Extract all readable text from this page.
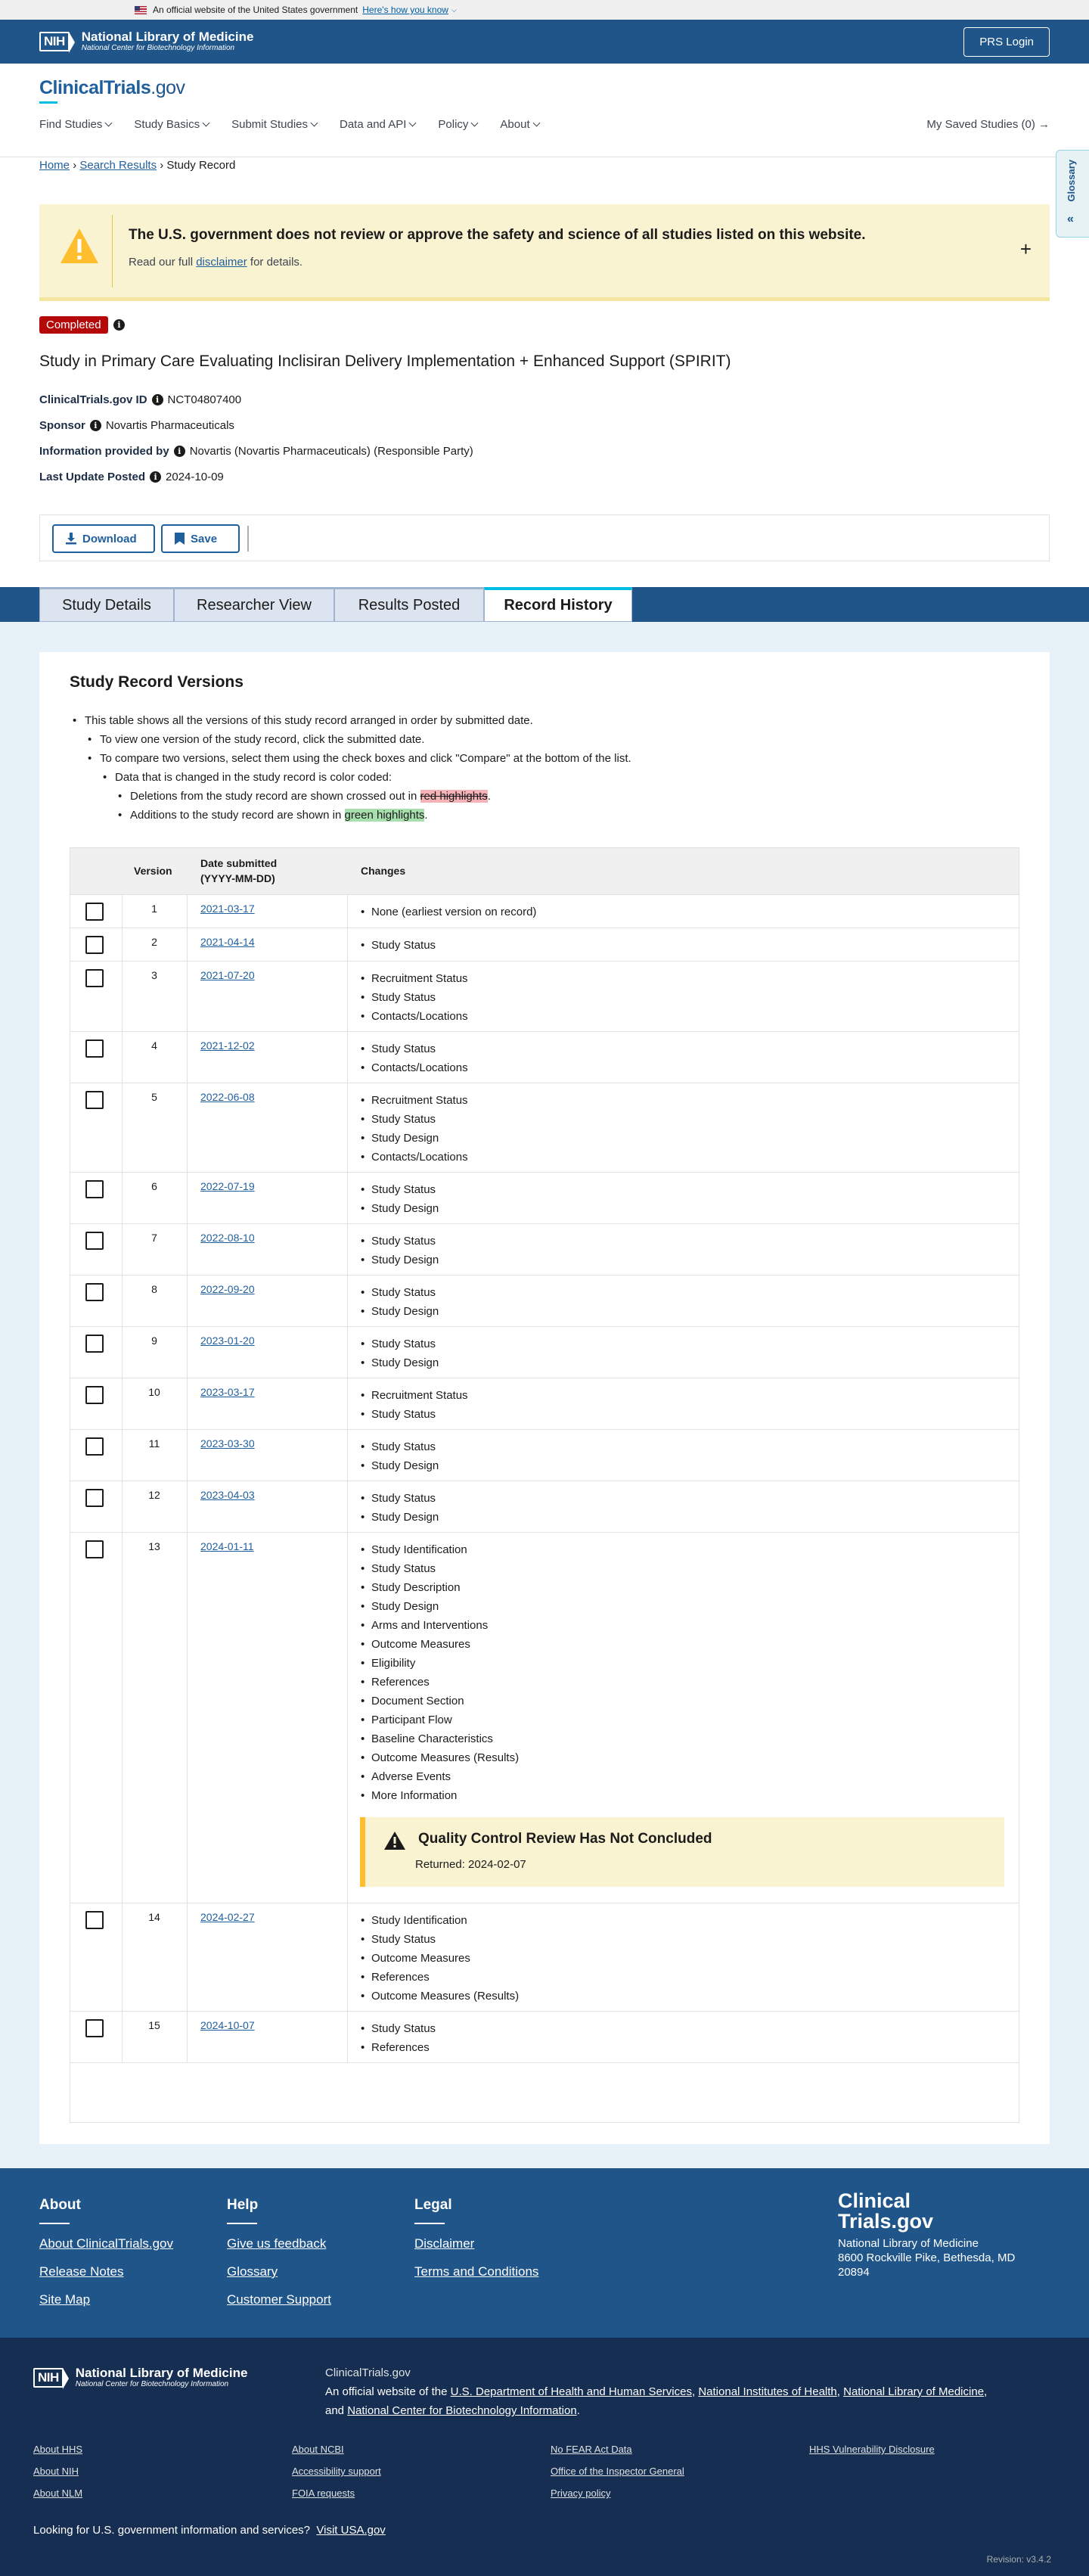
An official website of the United States government Here's how you know ⌵
NIH	National Library of Medicine
National Center for Biotechnology Information	PRS Login
ClinicalTrials.gov
Find Studies	Study Basics	Submit Studies	Data and API	Policy	About	My Saved Studies (0) →
Home › Search Results › Study Record	Glossary
«
The U.S. government does not review or approve the safety and science of all studies listed on this website.
Read our full disclaimer for details.
+
Completed	i
Study in Primary Care Evaluating Inclisiran Delivery Implementation + Enhanced Support (SPIRIT)
ClinicalTrials.gov ID	i NCT04807400
Sponsor	i Novartis Pharmaceuticals
Information provided by	i Novartis (Novartis Pharmaceuticals) (Responsible Party)
Last Update Posted	i 2024-10-09
Download	Save
Study Details	Researcher View	Results Posted	Record History
Study Record Versions
• This table shows all the versions of this study record arranged in order by submitted date.
• To view one version of the study record, click the submitted date.
• To compare two versions, select them using the check boxes and click "Compare" at the bottom of the list.
• Data that is changed in the study record is color coded:
• Deletions from the study record are shown crossed out in red highlights.
• Additions to the study record are shown in green highlights.
Version
Date submitted
(YYYY-MM-DD)
Changes
1	2021-03-17	• None (earliest version on record)
2	2021-04-14	• Study Status
3	2021-07-20	• Recruitment Status
• Study Status
• Contacts/Locations
4	2021-12-02	• Study Status
• Contacts/Locations
5	2022-06-08	• Recruitment Status
• Study Status
• Study Design
• Contacts/Locations
6	2022-07-19	• Study Status
• Study Design
7	2022-08-10	• Study Status
• Study Design
8	2022-09-20	• Study Status
• Study Design
9	2023-01-20	• Study Status
• Study Design
10	2023-03-17	• Recruitment Status
• Study Status
11	2023-03-30	• Study Status
• Study Design
12	2023-04-03	• Study Status
• Study Design
13	2024-01-11	• Study Identification
• Study Status
• Study Description
• Study Design
• Arms and Interventions
• Outcome Measures
• Eligibility
• References
• Document Section
• Participant Flow
• Baseline Characteristics
• Outcome Measures (Results)
• Adverse Events
• More Information
Quality Control Review Has Not Concluded
Returned: 2024-02-07
14	2024-02-27	• Study Identification
• Study Status
• Outcome Measures
• References
• Outcome Measures (Results)
15	2024-10-07	• Study Status
• References
About
About ClinicalTrials.gov
Release Notes
Site Map
Help
Give us feedback
Glossary
Customer Support
Legal
Disclaimer
Terms and Conditions
Clinical
Trials.gov
National Library of Medicine
8600 Rockville Pike, Bethesda, MD
20894
NIH	National Library of Medicine
National Center for Biotechnology Information
ClinicalTrials.gov
An official website of the U.S. Department of Health and Human Services, National Institutes of Health, National Library of Medicine,
and National Center for Biotechnology Information.
About HHS
About NIH
About NLM
About NCBI
Accessibility support
FOIA requests
No FEAR Act Data
Office of the Inspector General
Privacy policy
HHS Vulnerability Disclosure
Looking for U.S. government information and services? Visit USA.gov
Revision: v3.4.2
